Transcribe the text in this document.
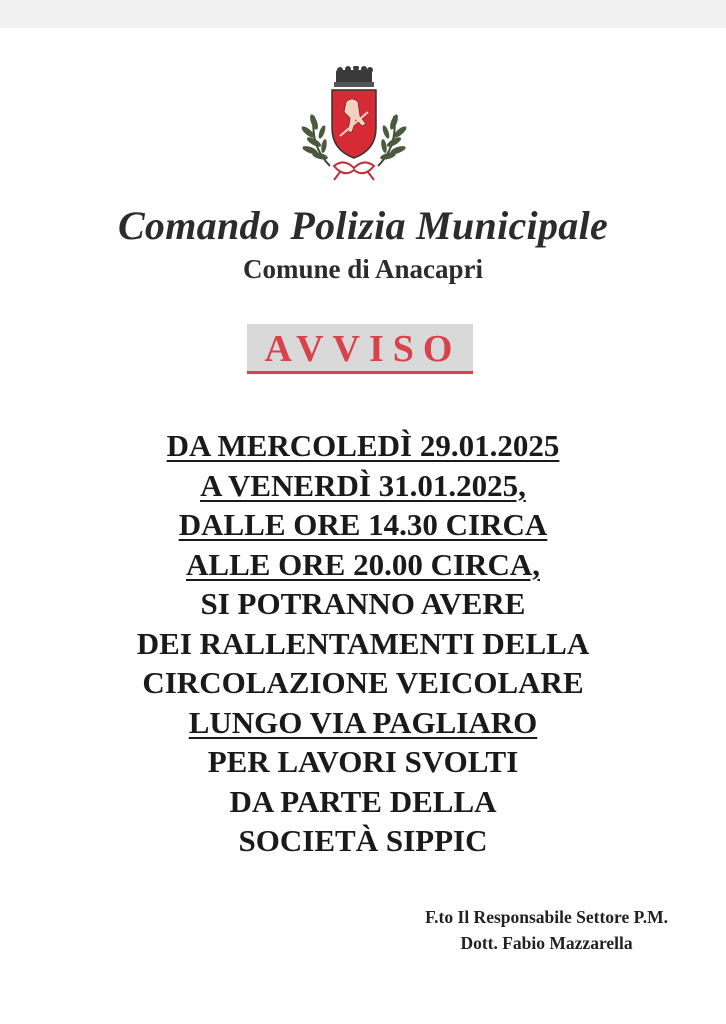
Comando Polizia Municipale
Comune di Anacapri
AVVISO
DA MERCOLEDÌ 29.01.2025
A VENERDÌ 31.01.2025,
DALLE ORE 14.30 CIRCA
ALLE ORE 20.00 CIRCA,
SI POTRANNO AVERE
DEI RALLENTAMENTI DELLA
CIRCOLAZIONE VEICOLARE
LUNGO VIA PAGLIARO
PER LAVORI SVOLTI
DA PARTE DELLA
SOCIETÀ SIPPIC
F.to Il Responsabile Settore P.M.
Dott. Fabio Mazzarella
